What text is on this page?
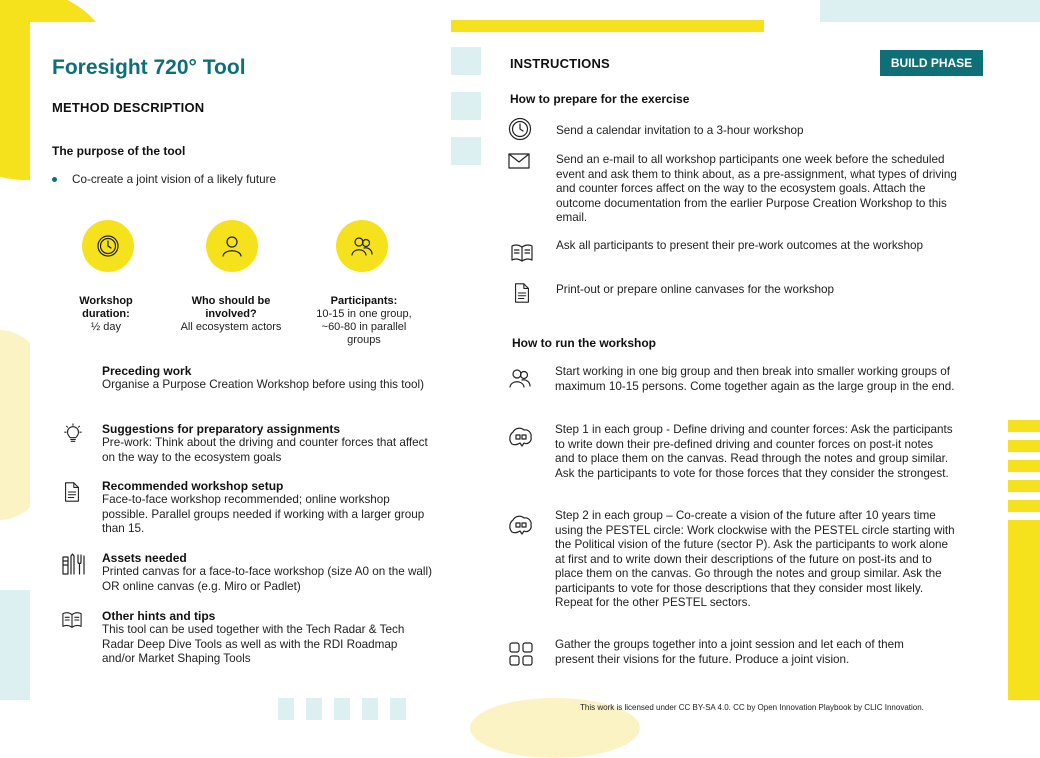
Foresight 720° Tool
METHOD DESCRIPTION
The purpose of the tool
Co-create a joint vision of a likely future
Workshop duration:
½ day
Who should be involved?
All ecosystem actors
Participants:
10-15 in one group, ~60-80 in parallel groups
Preceding work
Organise a Purpose Creation Workshop before using this tool)
Suggestions for preparatory assignments
Pre-work: Think about the driving and counter forces that affect on the way to the ecosystem goals
Recommended workshop setup
Face-to-face workshop recommended; online workshop possible. Parallel groups needed if working with a larger group than 15.
Assets needed
Printed canvas for a face-to-face workshop (size A0 on the wall) OR online canvas (e.g. Miro or Padlet)
Other hints and tips
This tool can be used together with the Tech Radar & Tech Radar Deep Dive Tools as well as with the RDI Roadmap and/or Market Shaping Tools
INSTRUCTIONS	BUILD PHASE
How to prepare for the exercise
Send a calendar invitation to a 3-hour workshop
Send an e-mail to all workshop participants one week before the scheduled event and ask them to think about, as a pre-assignment, what types of driving and counter forces affect on the way to the ecosystem goals. Attach the outcome documentation from the earlier Purpose Creation Workshop to this email.
Ask all participants to present their pre-work outcomes at the workshop
Print-out or prepare online canvases for the workshop
How to run the workshop
Start working in one big group and then break into smaller working groups of maximum 10-15 persons. Come together again as the large group in the end.
Step 1 in each group - Define driving and counter forces: Ask the participants to write down their pre-defined driving and counter forces on post-it notes and to place them on the canvas. Read through the notes and group similar. Ask the participants to vote for those forces that they consider the strongest.
Step 2 in each group – Co-create a vision of the future after 10 years time using the PESTEL circle: Work clockwise with the PESTEL circle starting with the Political vision of the future (sector P). Ask the participants to work alone at first and to write down their descriptions of the future on post-its and to place them on the canvas. Go through the notes and group similar. Ask the participants to vote for those descriptions that they consider most likely. Repeat for the other PESTEL sectors.
Gather the groups together into a joint session and let each of them present their visions for the future. Produce a joint vision.
This work is licensed under CC BY-SA 4.0. CC by Open Innovation Playbook by CLIC Innovation.
